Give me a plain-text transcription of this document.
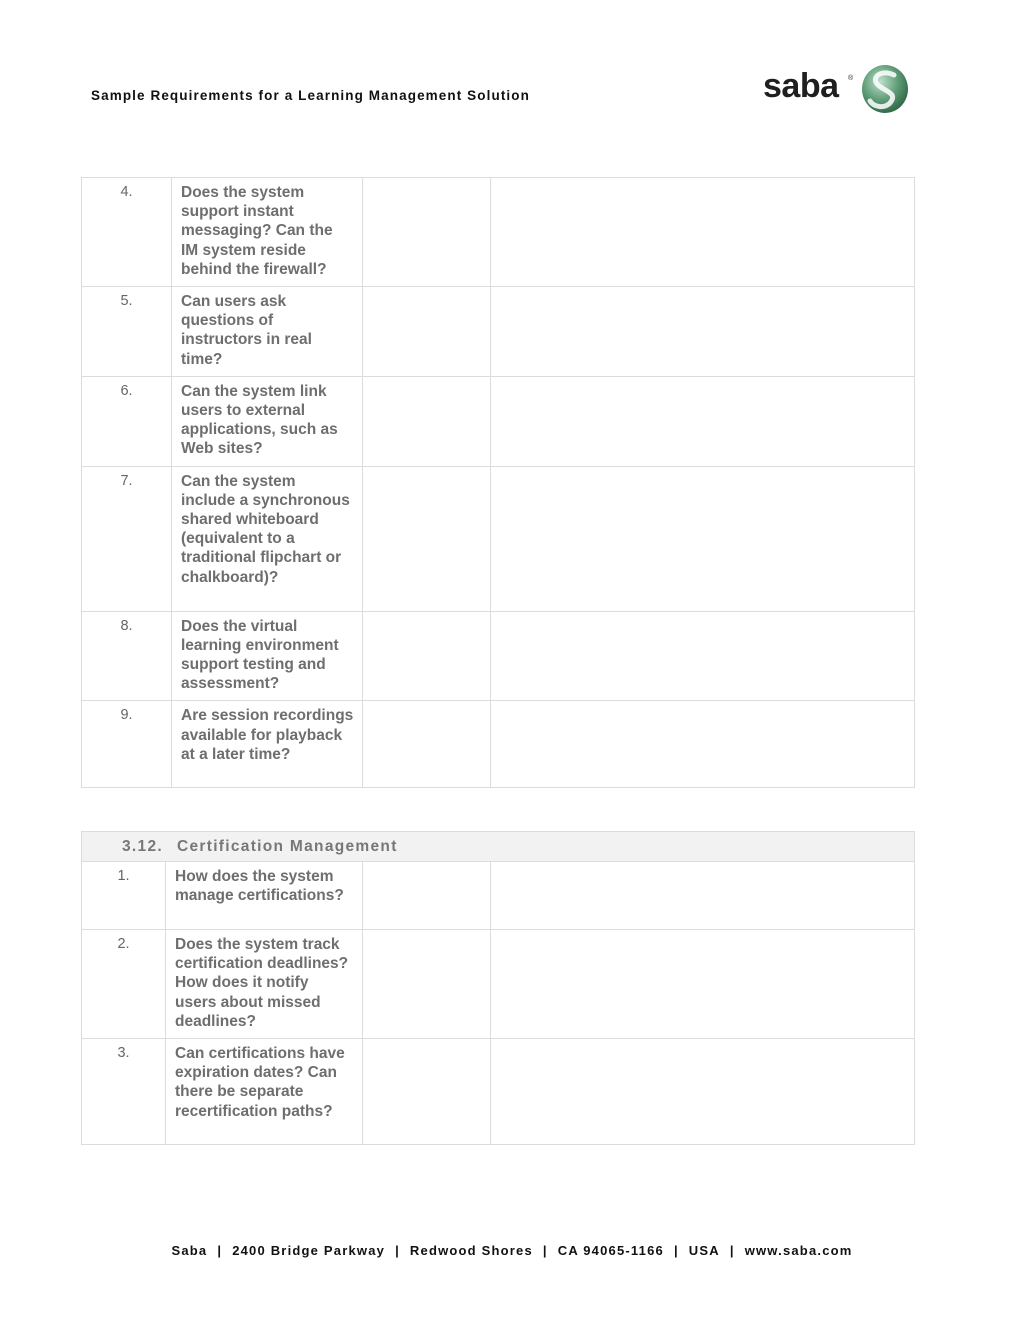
Sample Requirements for a Learning Management Solution	saba ®
4.	Does the system support instant messaging? Can the IM system reside behind the firewall?		
5.	Can users ask questions of instructors in real time?		
6.	Can the system link users to external applications, such as Web sites?		
7.	Can the system include a synchronous shared whiteboard (equivalent to a traditional flipchart or chalkboard)?		
8.	Does the virtual learning environment support testing and assessment?		
9.	Are session recordings available for playback at a later time?		
3.12. Certification Management			
1.	How does the system manage certifications?		
2.	Does the system track certification deadlines? How does it notify users about missed deadlines?		
3.	Can certifications have expiration dates? Can there be separate recertification paths?		
Saba | 2400 Bridge Parkway | Redwood Shores | CA 94065-1166 | USA | www.saba.com
